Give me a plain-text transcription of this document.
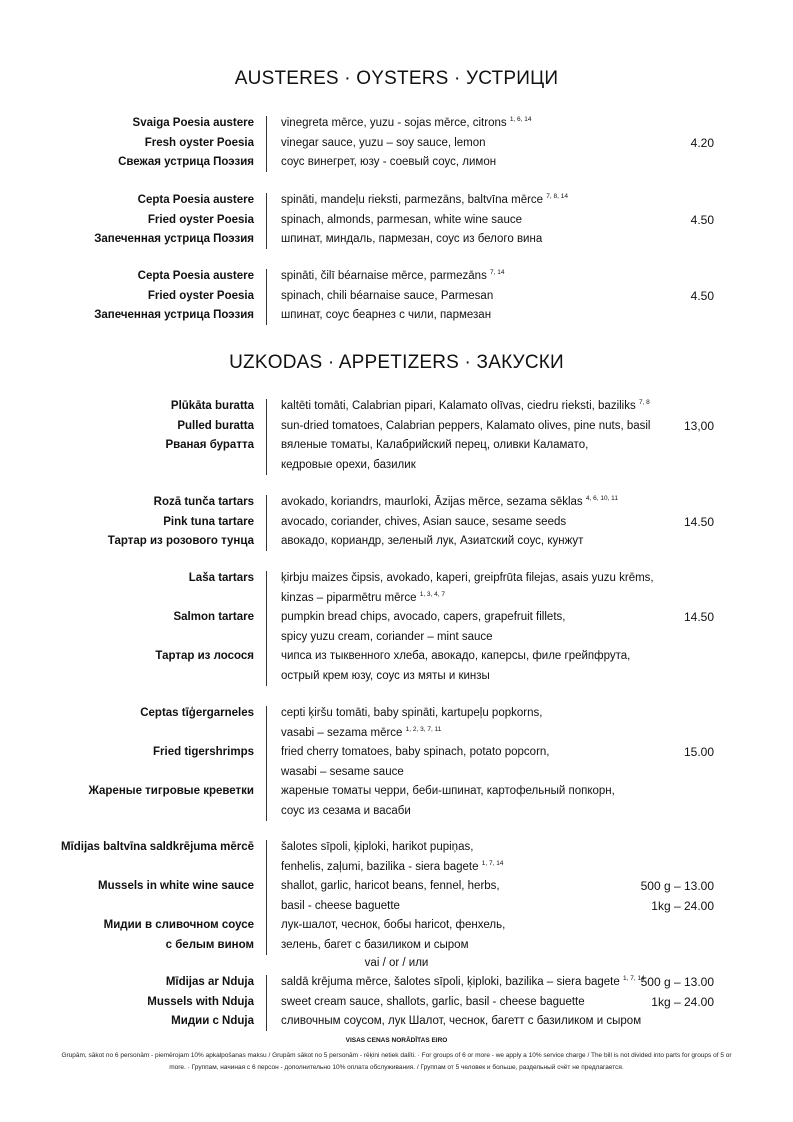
AUSTERES · OYSTERS · УСТРИЦИ
Svaiga Poesia austere
Fresh oyster Poesia
Свежая устрица Поэзия
vinegreta mērce, yuzu - sojas mērce, citrons $^{1, 6, 14}$
vinegar sauce, yuzu – soy sauce, lemon
соус винегрет, юзу - соевый соус, лимон
4.20
Cepta Poesia austere
Fried oyster Poesia
Запеченная устрица Поэзия
spināti, mandeļu rieksti, parmezāns, baltvīna mērce $^{7, 8, 14}$
spinach, almonds, parmesan, white wine sauce
шпинат, миндаль, пармезан, соус из белого вина
4.50
Cepta Poesia austere
Fried oyster Poesia
Запеченная устрица Поэзия
spināti, čilī béarnaise mērce, parmezāns $^{7, 14}$
spinach, chili béarnaise sauce, Parmesan
шпинат, соус беарнез с чили, пармезан
4.50
UZKODAS · APPETIZERS · ЗАКУСКИ
Plūkāta buratta
Pulled buratta
Рваная буратта
kaltēti tomāti, Calabrian pipari, Kalamato olīvas, ciedru rieksti, baziliks $^{7, 8}$
sun-dried tomatoes, Calabrian peppers, Kalamato olives, pine nuts, basil
вяленые томаты, Калабрийский перец, оливки Каламато,
кедровые орехи, базилик
13,00
Rozā tunča tartars
Pink tuna tartare
Тартар из розового тунца
avokado, koriandrs, maurloki, Āzijas mērce, sezama sēklas $^{4, 6, 10, 11}$
avocado, coriander, chives, Asian sauce, sesame seeds
авокадо, кориандр, зеленый лук, Азиатский соус, кунжут
14.50
Laša tartars
Salmon tartare
Тартар из лосося
ķirbju maizes čipsis, avokado, kaperi, greipfrūta filejas, asais yuzu krēms,
kinzas – piparmētru mērce $^{1, 3, 4, 7}$
pumpkin bread chips, avocado, capers, grapefruit fillets,
spicy yuzu cream, coriander – mint sauce
чипса из тыквенного хлеба, авокадо, каперсы, филе грейпфрута,
острый крем юзу, соус из мяты и кинзы
14.50
Ceptas tīģergarneles
Fried tigershrimps
Жареные тигровые креветки
cepti ķiršu tomāti, baby spināti, kartupeļu popkorns,
vasabi – sezama mērce $^{1, 2, 3, 7, 11}$
fried cherry tomatoes, baby spinach, potato popcorn,
wasabi – sesame sauce
жареные томаты черри, беби-шпинат, картофельный попкорн,
соус из сезама и васаби
15.00
Mīdijas baltvīna saldkrējuma mērcē
Mussels in white wine sauce
Мидии в сливочном соусе
с белым вином
šalotes sīpoli, ķiploki, harikot pupiņas,
fenhelis, zaļumi, bazilika - siera bagete $^{1, 7, 14}$
shallot, garlic, haricot beans, fennel, herbs,
basil - cheese baguette
лук-шалот, чеснок, бобы haricot, фенхель,
зелень, багет с базиликом и сыром
500 g – 13.00
1kg – 24.00
vai / or / или
Mīdijas ar Nduja
Mussels with Nduja
Мидии с Nduja
saldā krējuma mērce, šalotes sīpoli, ķiploki, bazilika – siera bagete $^{1, 7, 14}$
sweet cream sauce, shallots, garlic, basil - cheese baguette
сливочным соусом, лук Шалот, чеснок, багетт с базиликом и сыром
500 g – 13.00
1kg – 24.00
VISAS CENAS NORĀDĪTAS EIRO
Grupām, sākot no 6 personām - piemērojam 10% apkalpošanas maksu / Grupām sākot no 5 personām - rēķini netiek dalīti. · For groups of 6 or more - we apply a 10% service charge / The bill is not divided into parts for groups of 5 or more. · Группам, начиная с 6 персон - дополнительно 10% оплата обслуживания. / Группам от 5 человек и больше, раздельный счёт не предлагается.
